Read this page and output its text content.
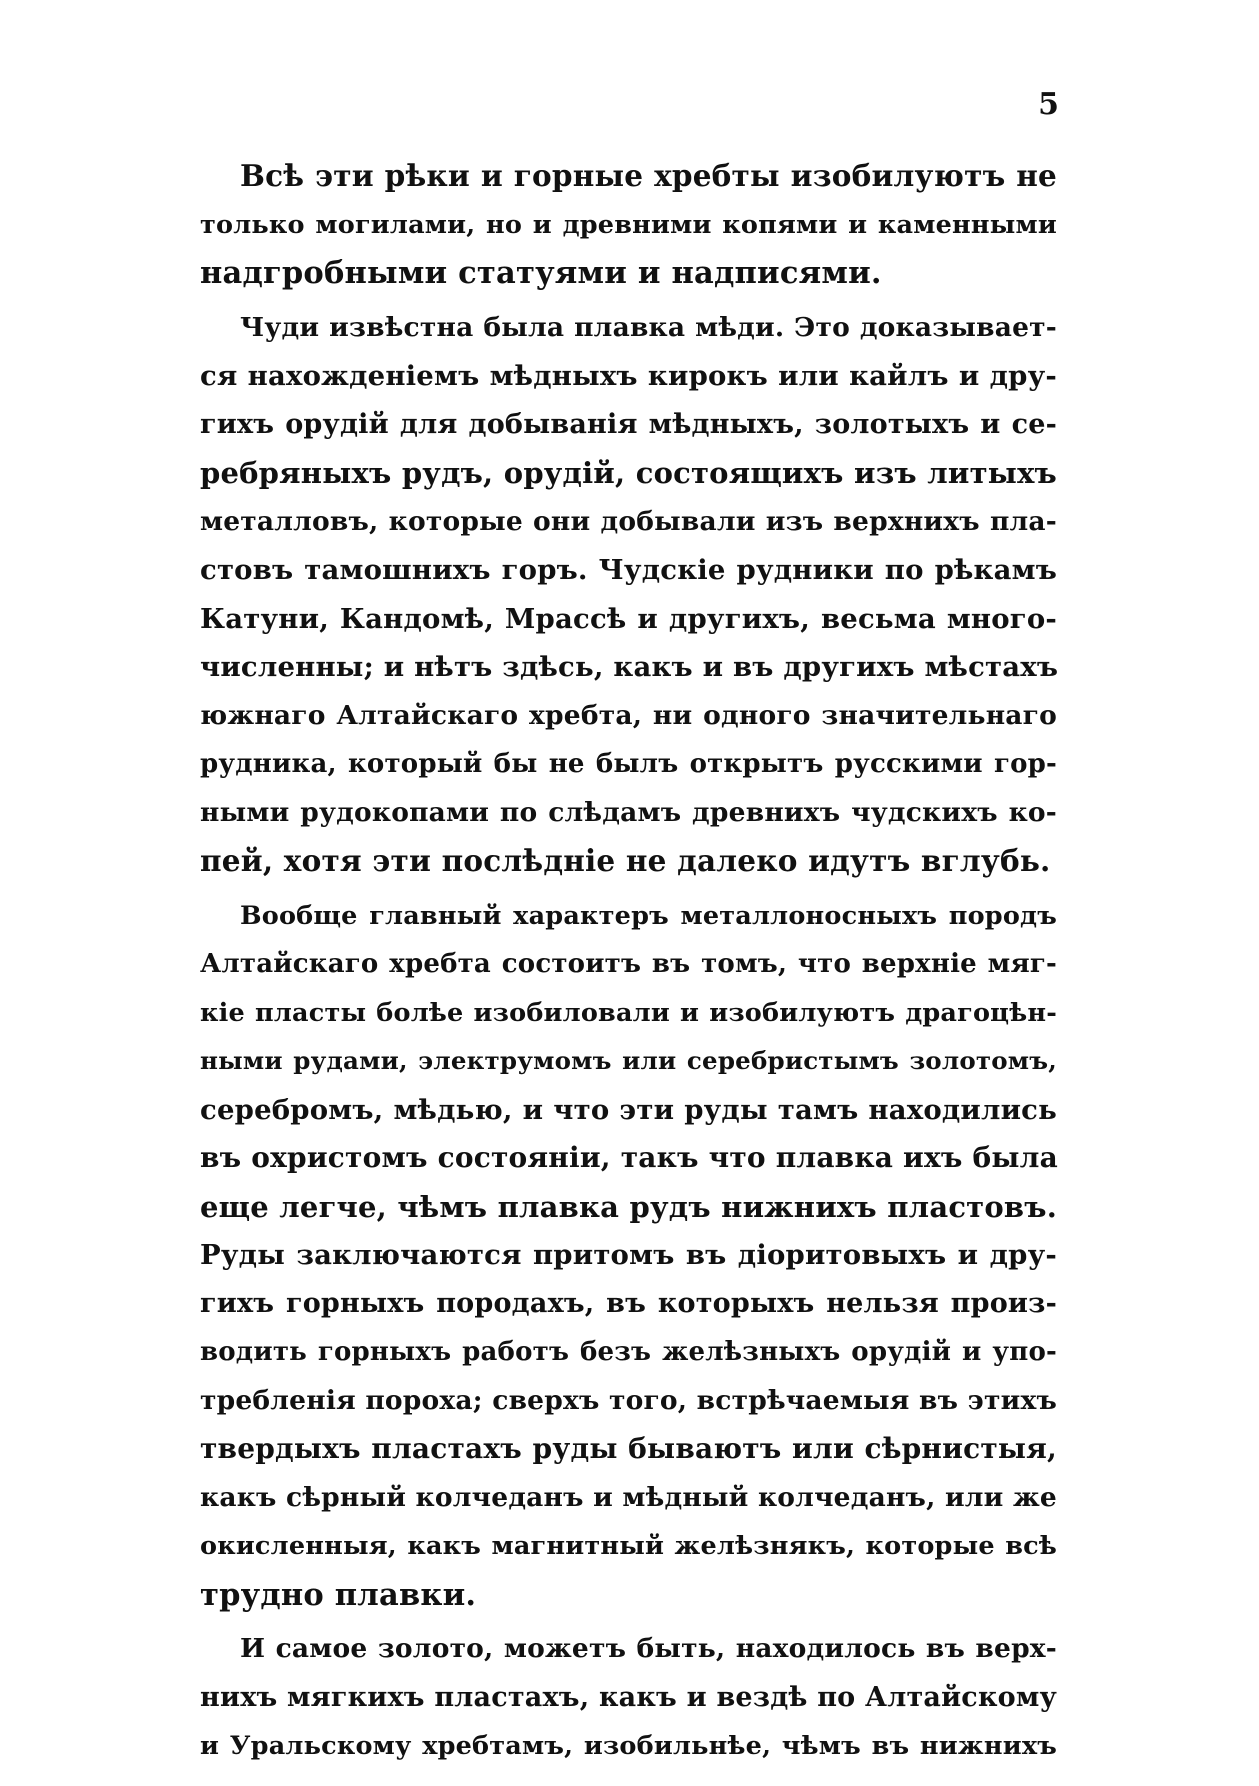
5
Всѣ эти рѣки и горные хребты изобилуютъ не
только могилами, но и древними копями и каменными
надгробными статуями и надписями.
Чуди извѣстна была плавка мѣди. Это доказывает-
ся нахожденіемъ мѣдныхъ кирокъ или кайлъ и дру-
гихъ орудій для добыванія мѣдныхъ, золотыхъ и се-
ребряныхъ рудъ, орудій, состоящихъ изъ литыхъ
металловъ, которые они добывали изъ верхнихъ пла-
стовъ тамошнихъ горъ. Чудскіе рудники по рѣкамъ
Катуни, Кандомѣ, Мрассѣ и другихъ, весьма много-
численны; и нѣтъ здѣсь, какъ и въ другихъ мѣстахъ
южнаго Алтайскаго хребта, ни одного значительнаго
рудника, который бы не былъ открытъ русскими гор-
ными рудокопами по слѣдамъ древнихъ чудскихъ ко-
пей, хотя эти послѣдніе не далеко идутъ вглубь.
Вообще главный характеръ металлоносныхъ породъ
Алтайскаго хребта состоитъ въ томъ, что верхніе мяг-
кіе пласты болѣе изобиловали и изобилуютъ драгоцѣн-
ными рудами, электрумомъ или серебристымъ золотомъ,
серебромъ, мѣдью, и что эти руды тамъ находились
въ охристомъ состояніи, такъ что плавка ихъ была
еще легче, чѣмъ плавка рудъ нижнихъ пластовъ.
Руды заключаются притомъ въ діоритовыхъ и дру-
гихъ горныхъ породахъ, въ которыхъ нельзя произ-
водить горныхъ работъ безъ желѣзныхъ орудій и упо-
требленія пороха; сверхъ того, встрѣчаемыя въ этихъ
твердыхъ пластахъ руды бываютъ или сѣрнистыя,
какъ сѣрный колчеданъ и мѣдный колчеданъ, или же
окисленныя, какъ магнитный желѣзнякъ, которые всѣ
трудно плавки.
И самое золото, можетъ быть, находилось въ верх-
нихъ мягкихъ пластахъ, какъ и вездѣ по Алтайскому
и Уральскому хребтамъ, изобильнѣе, чѣмъ въ нижнихъ
